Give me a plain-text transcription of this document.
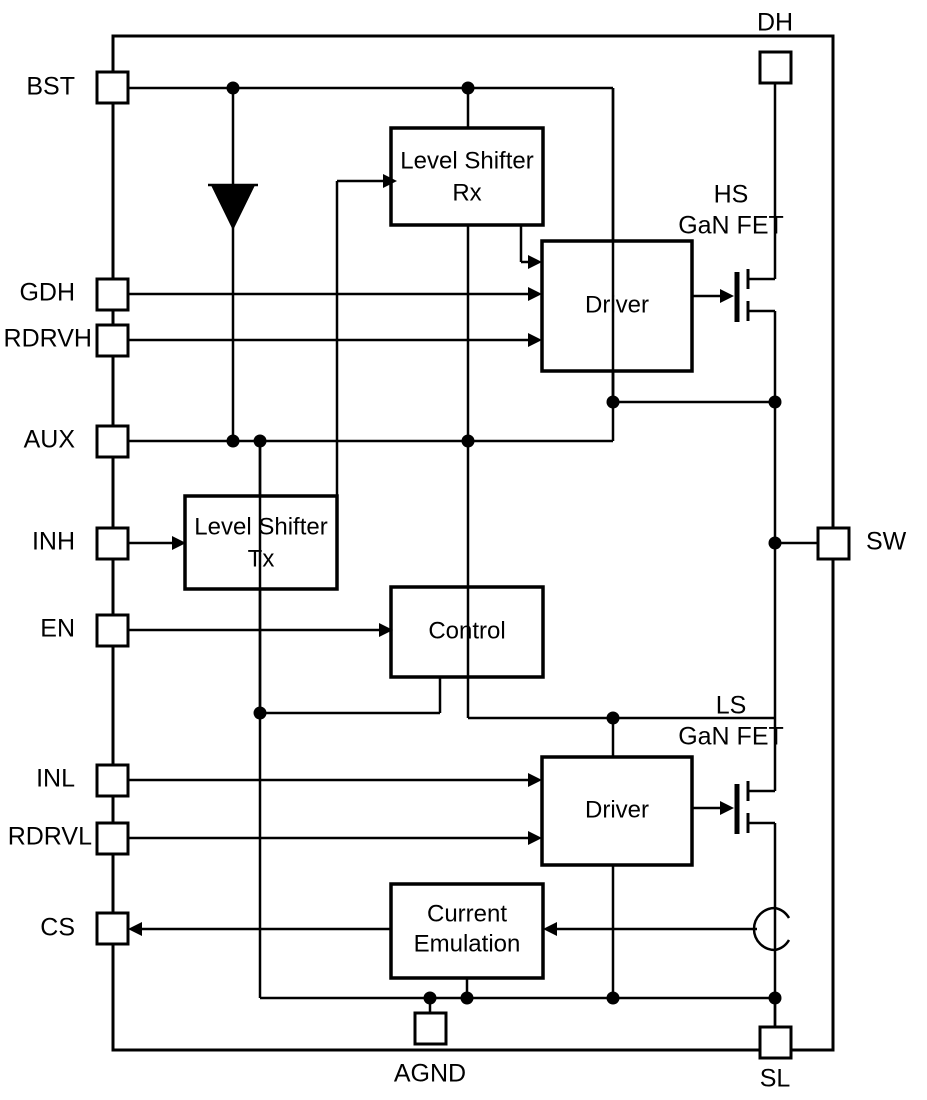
Level Shifter
Rx
Driver
HS
GaN FET
Level Shifter
Tx
Control
Driver
LS
GaN FET
Current
Emulation
BST
GDH
RDRVH
AUX
INH
EN
INL
RDRVL
CS
DH
SW
AGND	SL
